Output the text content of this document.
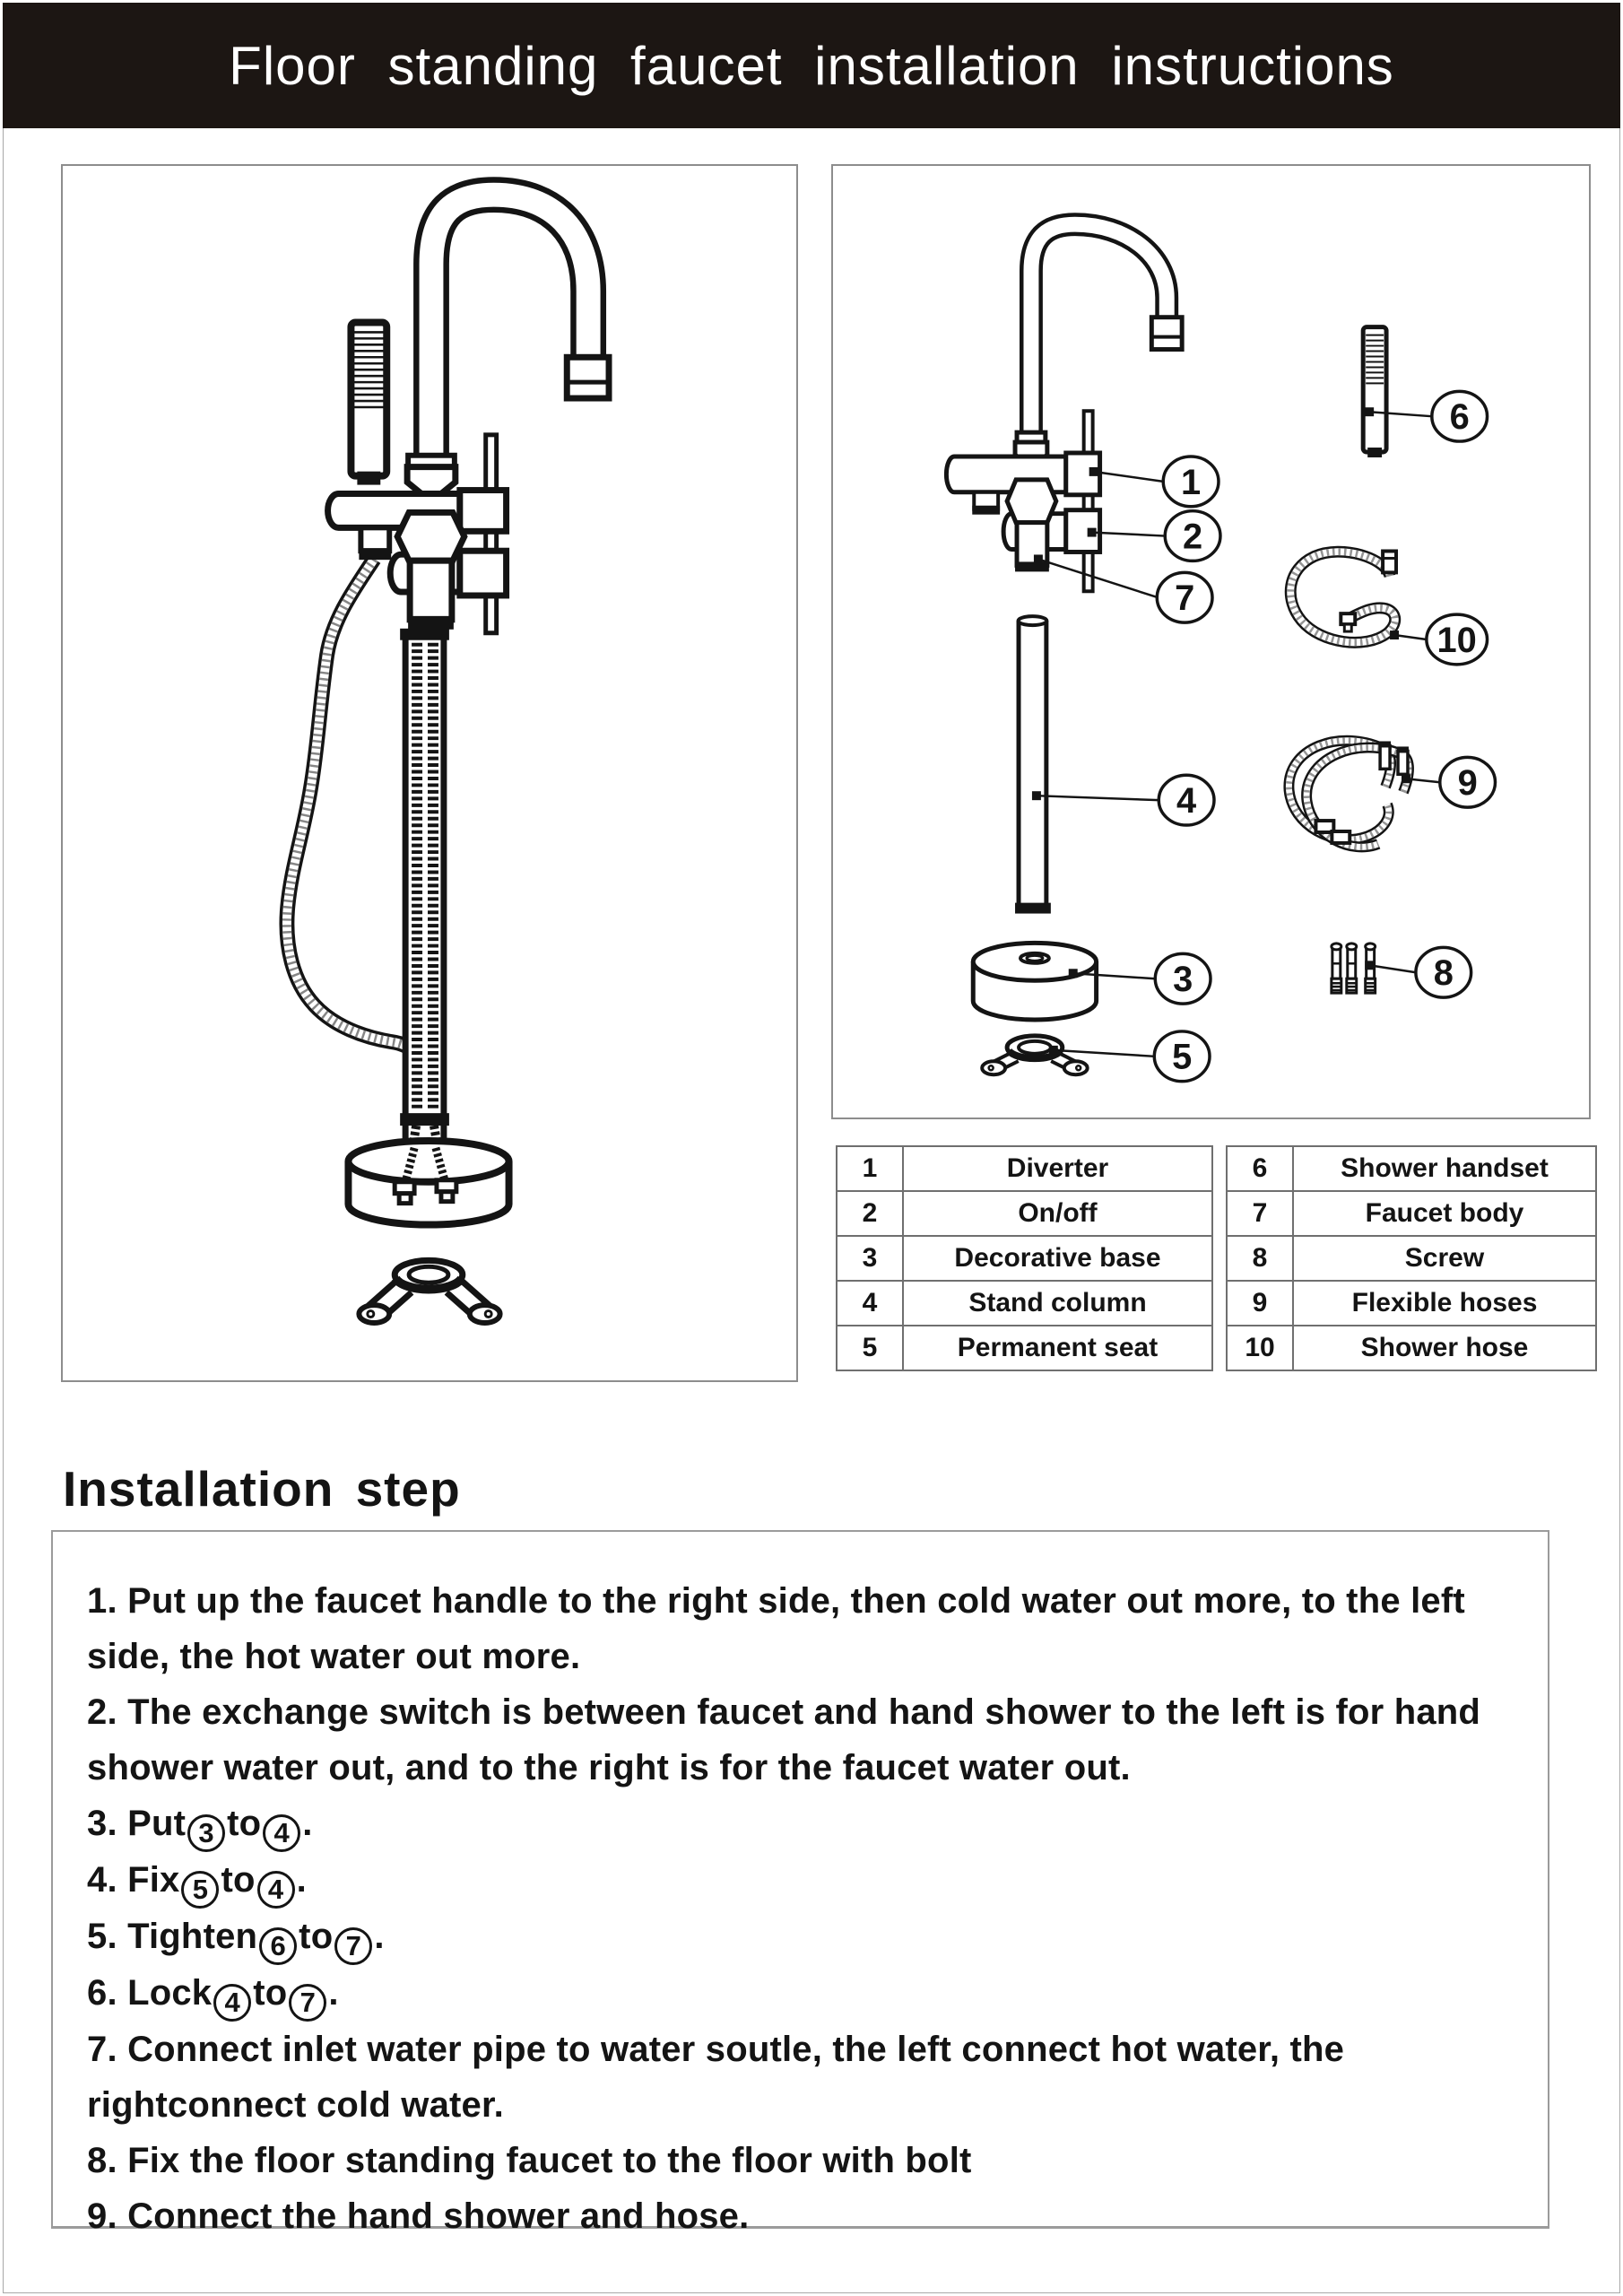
Floor standing faucet installation instructions
1
2
7
4
3
5
6
10
9
8
1	Diverter
2	On/off
3	Decorative base
4	Stand column
5	Permanent seat
6	Shower handset
7	Faucet body
8	Screw
9	Flexible hoses
10	Shower hose
Installation step
1. Put up the faucet handle to the right side, then cold water out more, to the left side, the hot water out more.
2. The exchange switch is between faucet and hand shower to the left is for hand shower water out, and to the right is for the faucet water out.
3. Put 3 to 4 .
4. Fix 5 to 4 .
5. Tighten 6 to 7 .
6. Lock 4 to 7 .
7. Connect inlet water pipe to water soutle, the left connect hot water, the rightconnect cold water.
8. Fix the floor standing faucet to the floor with bolt
9. Connect the hand shower and hose.
